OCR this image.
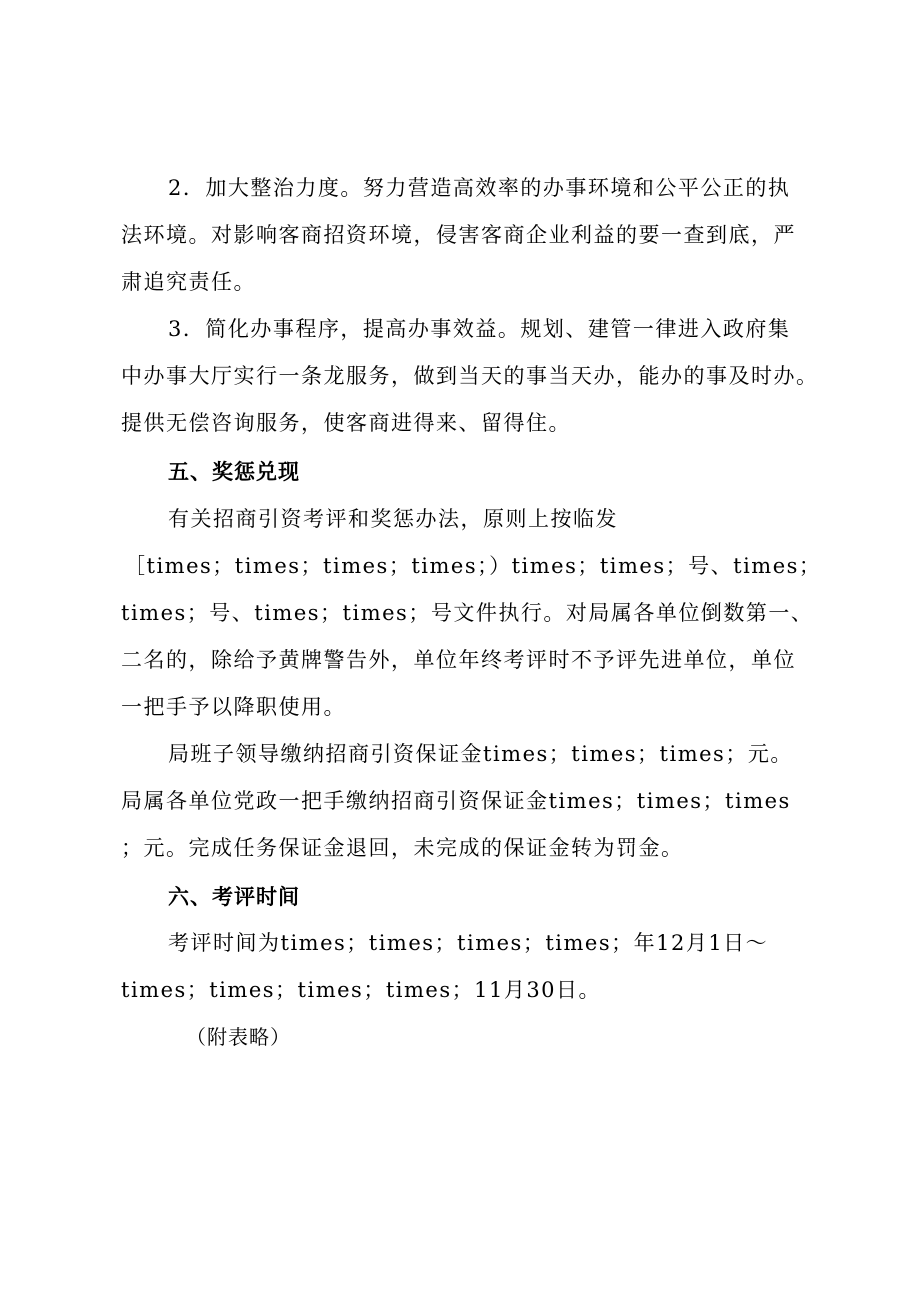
2．加大整治力度。努力营造高效率的办事环境和公平公正的执

法环境。对影响客商招资环境，侵害客商企业利益的要一查到底，严

肃追究责任。

3．简化办事程序，提高办事效益。规划、建管一律进入政府集

中办事大厅实行一条龙服务，做到当天的事当天办，能办的事及时办。

提供无偿咨询服务，使客商进得来、留得住。

五、奖惩兑现

有关招商引资考评和奖惩办法，原则上按临发

［times；times；times；times；）times；times；号、times；

times；号、times；times；号文件执行。对局属各单位倒数第一、

二名的，除给予黄牌警告外，单位年终考评时不予评先进单位，单位

一把手予以降职使用。

局班子领导缴纳招商引资保证金times；times；times；元。

局属各单位党政一把手缴纳招商引资保证金times；times；times

；元。完成任务保证金退回，未完成的保证金转为罚金。

六、考评时间

考评时间为times；times；times；times；年12月1日～

times；times；times；times；11月30日。

（附表略）
